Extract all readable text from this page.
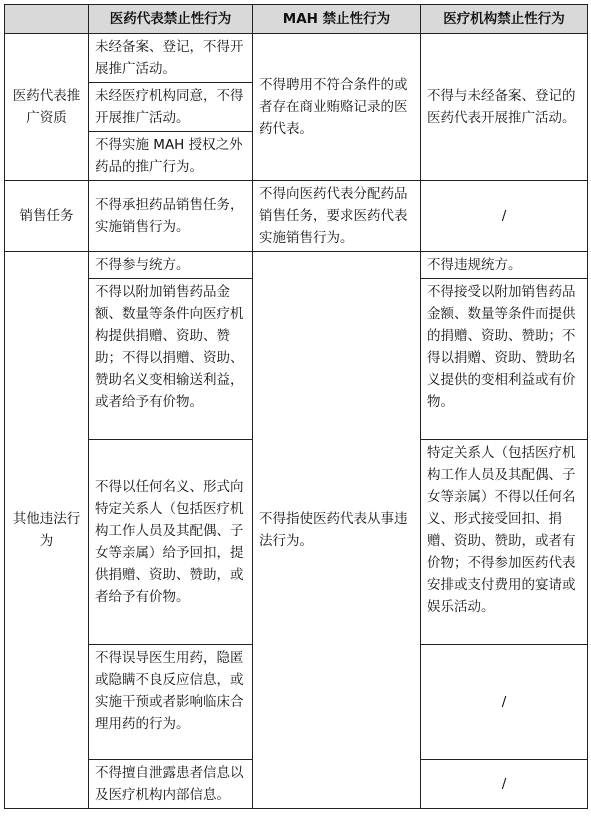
	医药代表禁止性行为	MAH 禁止性行为	医疗机构禁止性行为
医药代表推广资质	未经备案、登记，不得开展推广活动。	不得聘用不符合条件的或者存在商业贿赂记录的医药代表。	不得与未经备案、登记的医药代表开展推广活动。
	未经医疗机构同意，不得开展推广活动。		
	不得实施 MAH 授权之外药品的推广行为。		
销售任务	不得承担药品销售任务，实施销售行为。	不得向医药代表分配药品销售任务，要求医药代表实施销售行为。	/
其他违法行为	不得参与统方。	不得指使医药代表从事违法行为。	不得违规统方。
	不得以附加销售药品金额、数量等条件向医疗机构提供捐赠、资助、赞助；不得以捐赠、资助、赞助名义变相输送利益，或者给予有价物。		不得接受以附加销售药品金额、数量等条件而提供的捐赠、资助、赞助；不得以捐赠、资助、赞助名义提供的变相利益或有价物。
	不得以任何名义、形式向特定关系人（包括医疗机构工作人员及其配偶、子女等亲属）给予回扣，提供捐赠、资助、赞助，或者给予有价物。		特定关系人（包括医疗机构工作人员及其配偶、子女等亲属）不得以任何名义、形式接受回扣、捐赠、资助、赞助，或者有价物；不得参加医药代表安排或支付费用的宴请或娱乐活动。
	不得误导医生用药，隐匿或隐瞒不良反应信息，或实施干预或者影响临床合理用药的行为。		/
	不得擅自泄露患者信息以及医疗机构内部信息。		/
